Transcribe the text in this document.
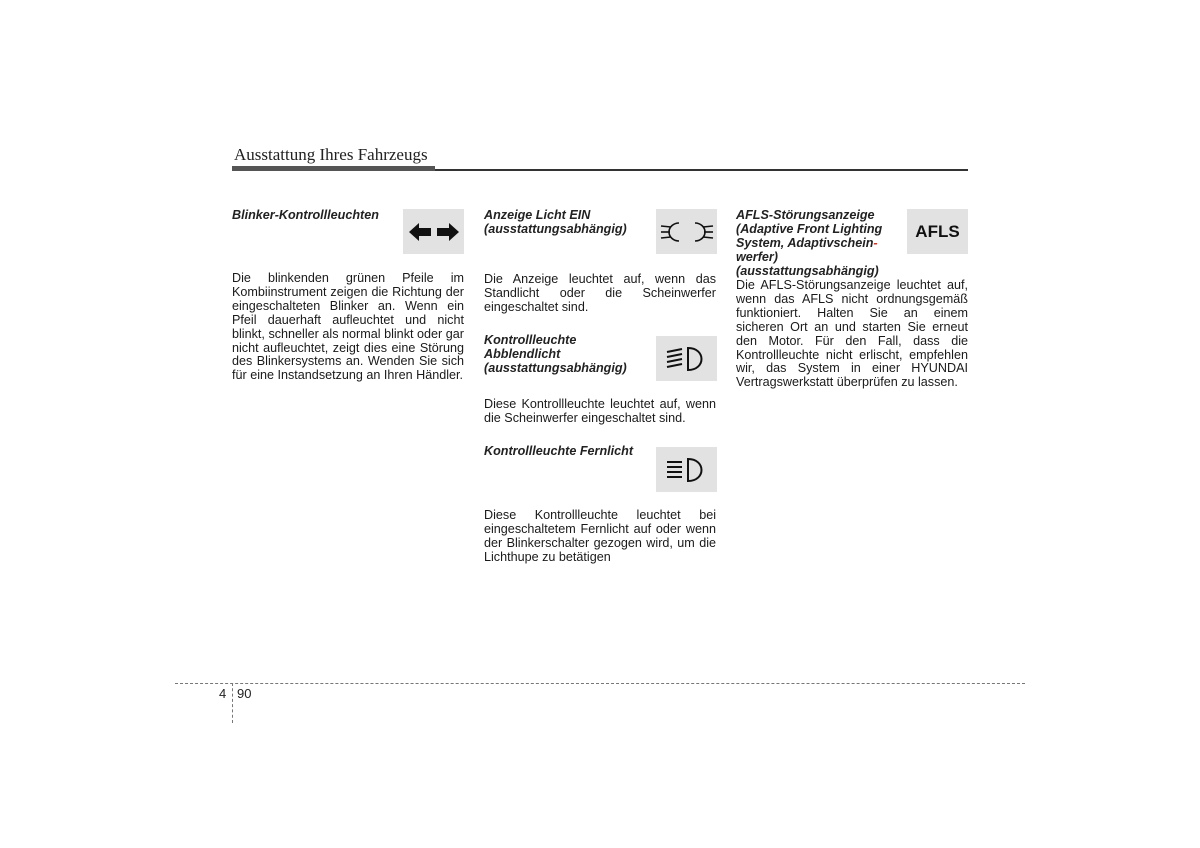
Ausstattung Ihres Fahrzeugs
Blinker-Kontrollleuchten
Die blinkenden grünen Pfeile im Kombiinstrument zeigen die Richtung der eingeschalteten Blinker an. Wenn ein Pfeil dauerhaft aufleuchtet und nicht blinkt, schneller als normal blinkt oder gar nicht aufleuchtet, zeigt dies eine Störung des Blinkersystems an. Wenden Sie sich für eine Instandsetzung an Ihren Händler.
Anzeige Licht EIN
(ausstattungsabhängig)
Die Anzeige leuchtet auf, wenn das Standlicht oder die Scheinwerfer eingeschaltet sind.
Kontrollleuchte
Abblendlicht
(ausstattungsabhängig)
Diese Kontrollleuchte leuchtet auf, wenn die Scheinwerfer eingeschaltet sind.
Kontrollleuchte Fernlicht
Diese Kontrollleuchte leuchtet bei eingeschaltetem Fernlicht auf oder wenn der Blinkerschalter gezogen wird, um die Lichthupe zu betätigen
AFLS-Störungsanzeige
(Adaptive Front Lighting
System, Adaptivschein-
werfer)
(ausstattungsabhängig)
AFLS
Die AFLS-Störungsanzeige leuchtet auf, wenn das AFLS nicht ordnungsgemäß funktioniert. Halten Sie an einem sicheren Ort an und starten Sie erneut den Motor. Für den Fall, dass die Kontrollleuchte nicht erlischt, empfehlen wir, das System in einer HYUNDAI Vertragswerkstatt überprüfen zu lassen.
4 90
